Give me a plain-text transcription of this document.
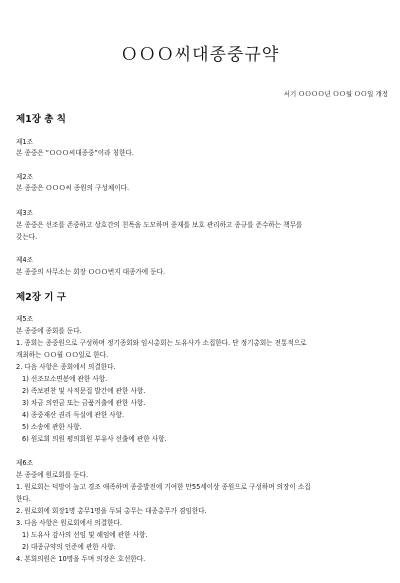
ＯＯＯ씨대종중규약
서기 ＯＯＯＯ년 ＯＯ월 ＯＯ일 개정
제1장 총 칙
제1조
본 종중은 “ＯＯＯ씨대종중”이라 칭한다.
제2조
본 종중은 ＯＯＯ씨 종원의 구성체이다.
제3조
본 종중은 선조를 존중하고 상호간의 친목을 도모하며 종재를 보호 관리하고 종규를 준수하는 책무를
갖는다.
제4조
본 종중의 사무소는 회장 ＯＯＯ번지 대종가에 둔다.
제2장 기 구
제5조
본 종중에 종회를 둔다.
1. 종회는 종중원으로 구성하며 정기종회와 임시총회는 도유사가 소집한다. 단 정기총회는 전통적으로
개최하는 ＯＯ월 ＯＯ일로 한다.
2. 다음 사항은 종회에서 의결한다.
1) 선조묘소면봉에 관한 사항.
2) 족보편찬 및 사적문집 발간에 관한 사항.
3) 차금 의연금 또는 금품거출에 관한 사항.
4) 종중재산 권리 득실에 관한 사항.
5) 소송에 관한 사항.
6) 원로회 의원 평의회원 부유사 선출에 관한 사항.
제6조
본 종중에 원로회를 둔다.
1. 원로회는 덕망이 높고 경조 애족하며 종중발전에 기여한 만55세이상 종원으로 구성하며 의장이 소집
한다.
2. 원로회에 회장1명 총무1명을 두되 총무는 대종총무가 겸임한다.
3. 다음 사항은 원로회에서 의결한다.
1) 도유사 감사의 선임 및 해임에 관한 사항.
2) 대종규약의 인준에 관한 사항.
4. 본회의원은 10명을 두며 의장은 호선한다.
